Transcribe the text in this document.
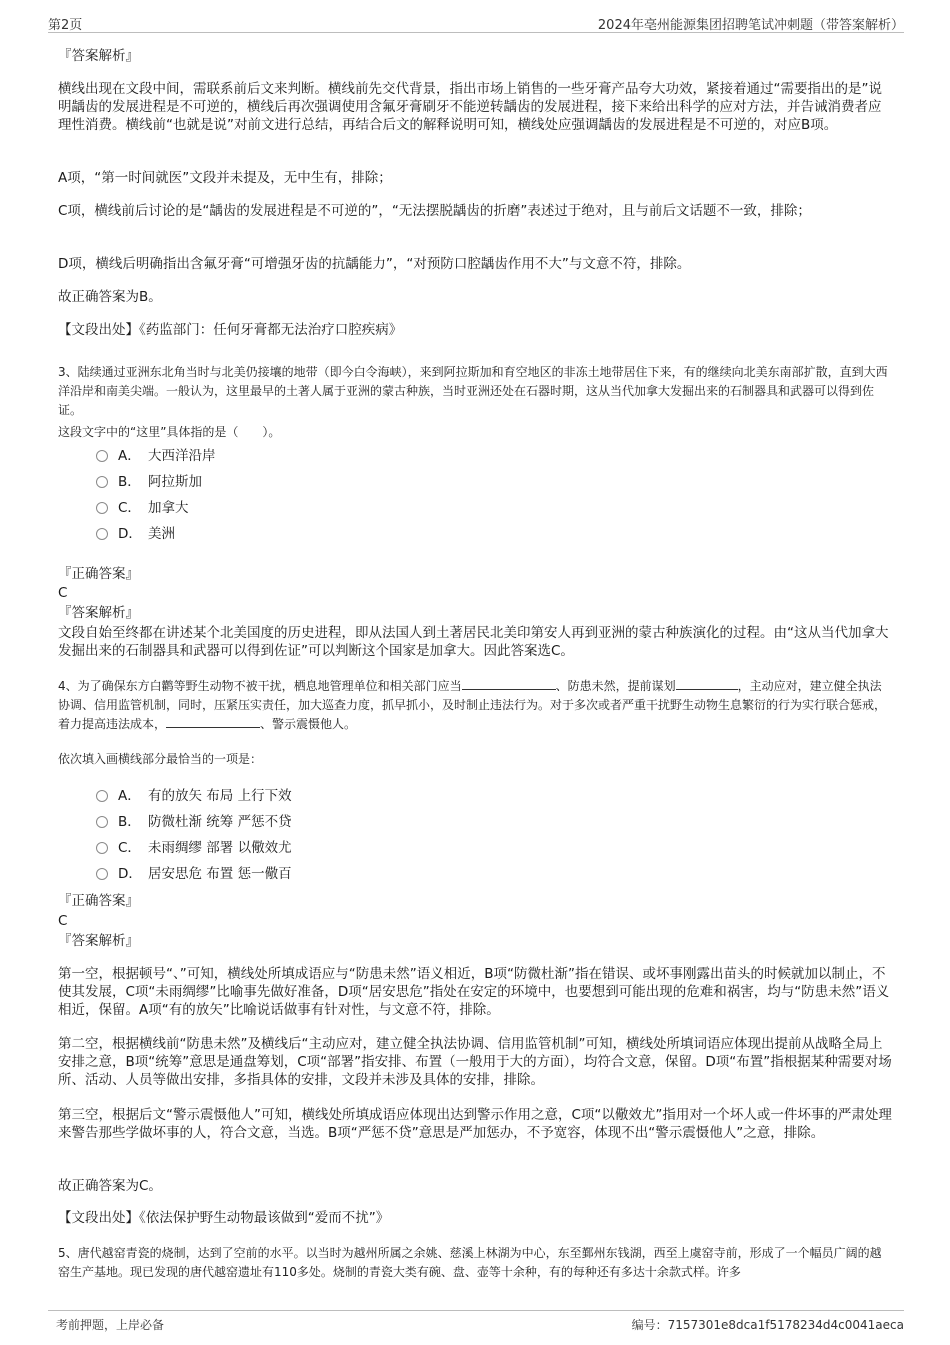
第2页	2024年亳州能源集团招聘笔试冲刺题（带答案解析）
『答案解析』
横线出现在文段中间，需联系前后文来判断。横线前先交代背景，指出市场上销售的一些牙膏产品夸大功效，紧接着通过“需要指出的是”说明龋齿的发展进程是不可逆的，横线后再次强调使用含氟牙膏刷牙不能逆转龋齿的发展进程，接下来给出科学的应对方法，并告诫消费者应理性消费。横线前“也就是说”对前文进行总结，再结合后文的解释说明可知，横线处应强调龋齿的发展进程是不可逆的，对应B项。
A项，“第一时间就医”文段并未提及，无中生有，排除；
C项，横线前后讨论的是“龋齿的发展进程是不可逆的”，“无法摆脱龋齿的折磨”表述过于绝对，且与前后文话题不一致，排除；
D项，横线后明确指出含氟牙膏“可增强牙齿的抗龋能力”，“对预防口腔龋齿作用不大”与文意不符，排除。
故正确答案为B。
【文段出处】《药监部门：任何牙膏都无法治疗口腔疾病》
3、陆续通过亚洲东北角当时与北美仍接壤的地带（即今白令海峡），来到阿拉斯加和育空地区的非冻土地带居住下来，有的继续向北美东南部扩散，直到大西洋沿岸和南美尖端。一般认为，这里最早的土著人属于亚洲的蒙古种族，当时亚洲还处在石器时期，这从当代加拿大发掘出来的石制器具和武器可以得到佐证。
这段文字中的“这里”具体指的是（　　）。
A． 大西洋沿岸
B． 阿拉斯加
C． 加拿大
D． 美洲
『正确答案』
C
『答案解析』
文段自始至终都在讲述某个北美国度的历史进程，即从法国人到土著居民北美印第安人再到亚洲的蒙古种族演化的过程。由“这从当代加拿大发掘出来的石制器具和武器可以得到佐证”可以判断这个国家是加拿大。因此答案选C。
4、为了确保东方白鹳等野生动物不被干扰，栖息地管理单位和相关部门应当	、防患未然，提前谋划	，主动应对，建立健全执法协调、信用监管机制，同时，压紧压实责任，加大巡查力度，抓早抓小，及时制止违法行为。对于多次或者严重干扰野生动物生息繁衍的行为实行联合惩戒，着力提高违法成本，	、警示震慑他人。
依次填入画横线部分最恰当的一项是：
A． 有的放矢 布局 上行下效
B． 防微杜渐 统筹 严惩不贷
C． 未雨绸缪 部署 以儆效尤
D． 居安思危 布置 惩一儆百
『正确答案』
C
『答案解析』
第一空，根据顿号“、”可知，横线处所填成语应与“防患未然”语义相近，B项“防微杜渐”指在错误、或坏事刚露出苗头的时候就加以制止，不使其发展，C项“未雨绸缪”比喻事先做好准备，D项“居安思危”指处在安定的环境中，也要想到可能出现的危难和祸害，均与“防患未然”语义相近，保留。A项“有的放矢”比喻说话做事有针对性，与文意不符，排除。
第二空，根据横线前“防患未然”及横线后“主动应对，建立健全执法协调、信用监管机制”可知，横线处所填词语应体现出提前从战略全局上安排之意，B项“统筹”意思是通盘筹划，C项“部署”指安排、布置（一般用于大的方面），均符合文意，保留。D项“布置”指根据某种需要对场所、活动、人员等做出安排，多指具体的安排，文段并未涉及具体的安排，排除。
第三空，根据后文“警示震慑他人”可知，横线处所填成语应体现出达到警示作用之意，C项“以儆效尤”指用对一个坏人或一件坏事的严肃处理来警告那些学做坏事的人，符合文意，当选。B项“严惩不贷”意思是严加惩办，不予宽容，体现不出“警示震慑他人”之意，排除。
故正确答案为C。
【文段出处】《依法保护野生动物最该做到“爱而不扰”》
5、唐代越窑青瓷的烧制，达到了空前的水平。以当时为越州所属之余姚、慈溪上林湖为中心，东至鄞州东钱湖，西至上虞窑寺前，形成了一个幅员广阔的越窑生产基地。现已发现的唐代越窑遗址有110多处。烧制的青瓷大类有碗、盘、壶等十余种，有的每种还有多达十余款式样。许多
考前押题，上岸必备	编号：7157301e8dca1f5178234d4c0041aeca
